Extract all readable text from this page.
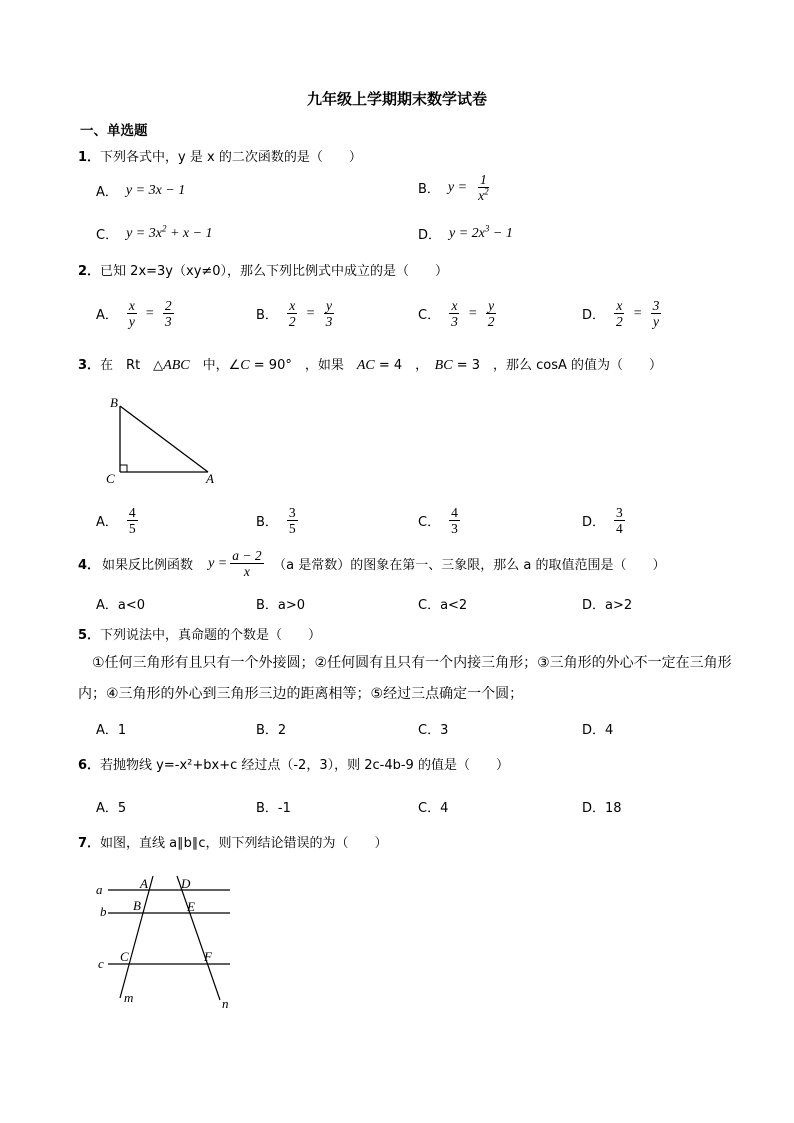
九年级上学期期末数学试卷
一、单选题
1．下列各式中，y 是 x 的二次函数的是（　　）
A． y = 3x − 1	B． $y = \frac{1}{x^2}$
C． $y = 3x^2 + x - 1$	D． $y = 2x^3 - 1$
2．已知 2x=3y（xy≠0），那么下列比例式中成立的是（　　）
A． $\frac{x}{y} = \frac{2}{3}$	B． $\frac{x}{2} = \frac{y}{3}$	C． $\frac{x}{3} = \frac{y}{2}$	D． $\frac{x}{2} = \frac{3}{y}$
3．在　Rt　△ABC　中，∠C = 90°　，如果　AC = 4　，　BC = 3　，那么 cosA 的值为（　　）
B
C	A
A． $\frac{4}{5}$	B． $\frac{3}{5}$	C． $\frac{4}{3}$	D． $\frac{3}{4}$
4． 如果反比例函数　 $y = \frac{a - 2}{x}$ 　（a 是常数）的图象在第一、三象限，那么 a 的取值范围是（　　）
A．a<0	B．a>0	C．a<2	D．a>2
5．下列说法中，真命题的个数是（　　）
①任何三角形有且只有一个外接圆；②任何圆有且只有一个内接三角形；③三角形的外心不一定在三角形内；④三角形的外心到三角形三边的距离相等；⑤经过三点确定一个圆；
A．1	B．2	C．3	D．4
6．若抛物线 y=-x²+bx+c 经过点（-2，3），则 2c-4b-9 的值是（　　）
A．5	B．-1	C．4	D．18
7．如图，直线 a∥b∥c，则下列结论错误的为（　　）
a
b
c
A	D
B	E
C	F
m	n
